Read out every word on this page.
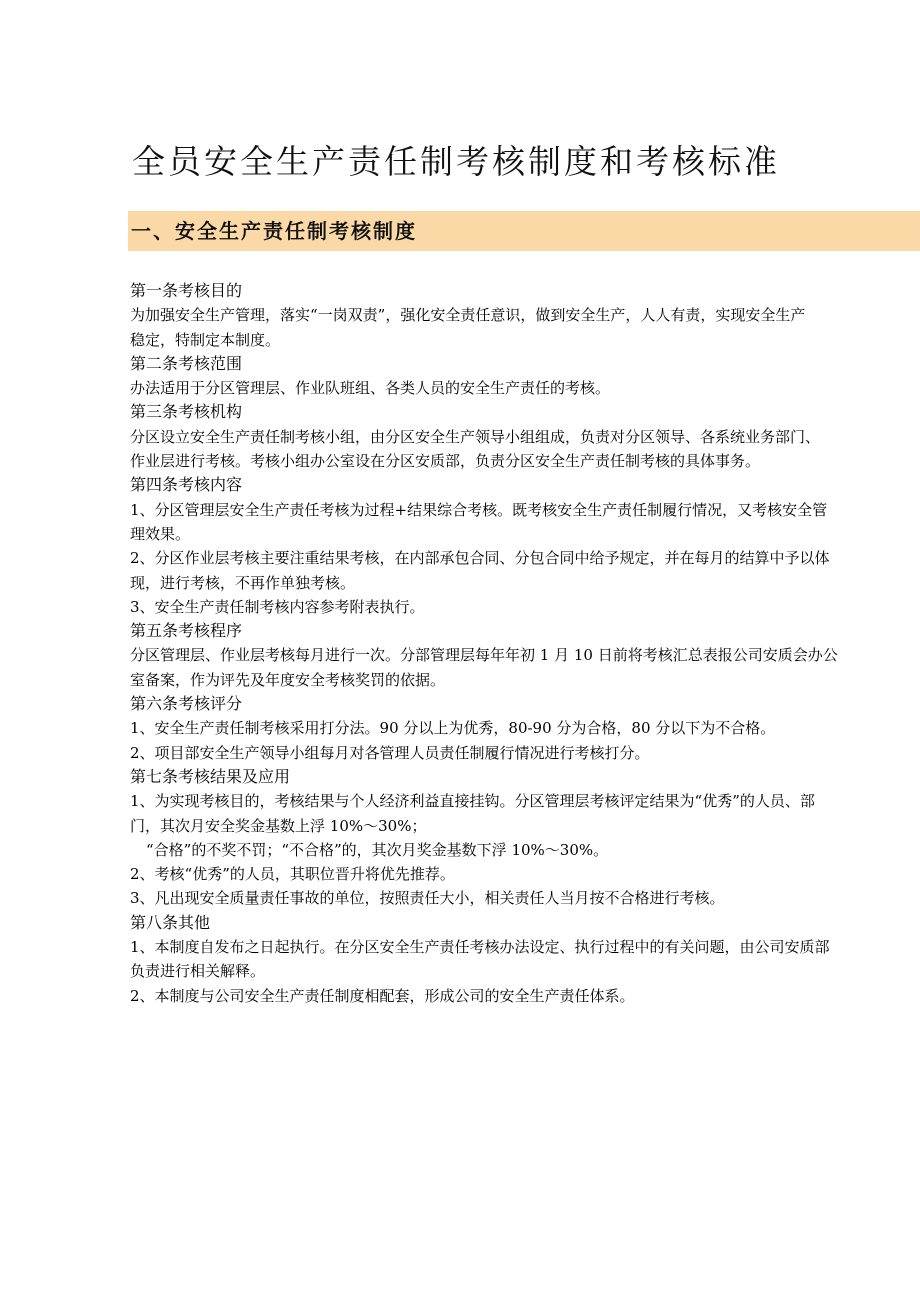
全员安全生产责任制考核制度和考核标准
一、安全生产责任制考核制度
第一条考核目的
为加强安全生产管理，落实“一岗双责”，强化安全责任意识，做到安全生产，人人有责，实现安全生产
稳定，特制定本制度。
第二条考核范围
办法适用于分区管理层、作业队班组、各类人员的安全生产责任的考核。
第三条考核机构
分区设立安全生产责任制考核小组，由分区安全生产领导小组组成，负责对分区领导、各系统业务部门、
作业层进行考核。考核小组办公室设在分区安质部，负责分区安全生产责任制考核的具体事务。
第四条考核内容
1、分区管理层安全生产责任考核为过程+结果综合考核。既考核安全生产责任制履行情况，又考核安全管
理效果。
2、分区作业层考核主要注重结果考核，在内部承包合同、分包合同中给予规定，并在每月的结算中予以体
现，进行考核，不再作单独考核。
3、安全生产责任制考核内容参考附表执行。
第五条考核程序
分区管理层、作业层考核每月进行一次。分部管理层每年年初 1 月 10 日前将考核汇总表报公司安质会办公
室备案，作为评先及年度安全考核奖罚的依据。
第六条考核评分
1、安全生产责任制考核采用打分法。90 分以上为优秀，80-90 分为合格，80 分以下为不合格。
2、项目部安全生产领导小组每月对各管理人员责任制履行情况进行考核打分。
第七条考核结果及应用
1、为实现考核目的，考核结果与个人经济利益直接挂钩。分区管理层考核评定结果为“优秀”的人员、部
门，其次月安全奖金基数上浮 10%～30%；
“合格”的不奖不罚；“不合格”的，其次月奖金基数下浮 10%～30%。
2、考核“优秀”的人员，其职位晋升将优先推荐。
3、凡出现安全质量责任事故的单位，按照责任大小，相关责任人当月按不合格进行考核。
第八条其他
1、本制度自发布之日起执行。在分区安全生产责任考核办法设定、执行过程中的有关问题，由公司安质部
负责进行相关解释。
2、本制度与公司安全生产责任制度相配套，形成公司的安全生产责任体系。
